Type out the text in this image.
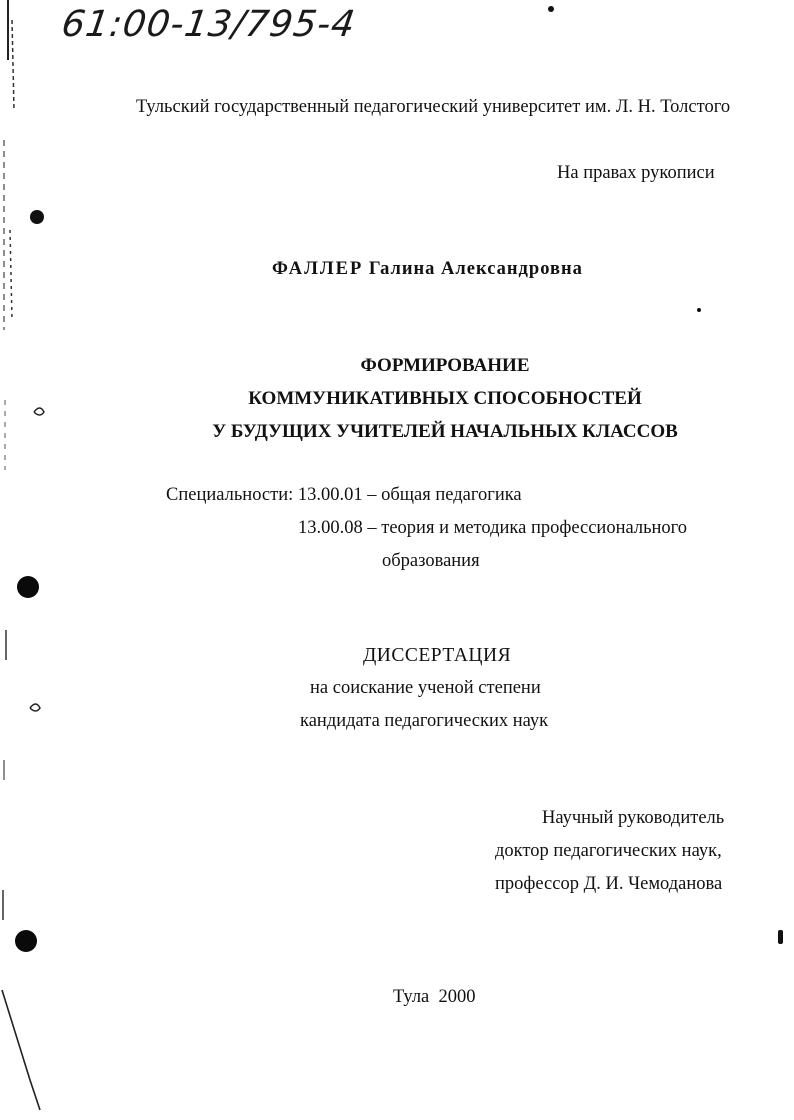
61:00-13/795-4
Тульский государственный педагогический университет им. Л. Н. Толстого
На правах рукописи
ФАЛЛЕР Галина Александровна
ФОРМИРОВАНИЕ
КОММУНИКАТИВНЫХ СПОСОБНОСТЕЙ
У БУДУЩИХ УЧИТЕЛЕЙ НАЧАЛЬНЫХ КЛАССОВ
Специальности: 13.00.01 – общая педагогика
13.00.08 – теория и методика профессионального
образования
ДИССЕРТАЦИЯ
на соискание ученой степени
кандидата педагогических наук
Научный руководитель
доктор педагогических наук,
профессор Д. И. Чемоданова
Тула  2000
